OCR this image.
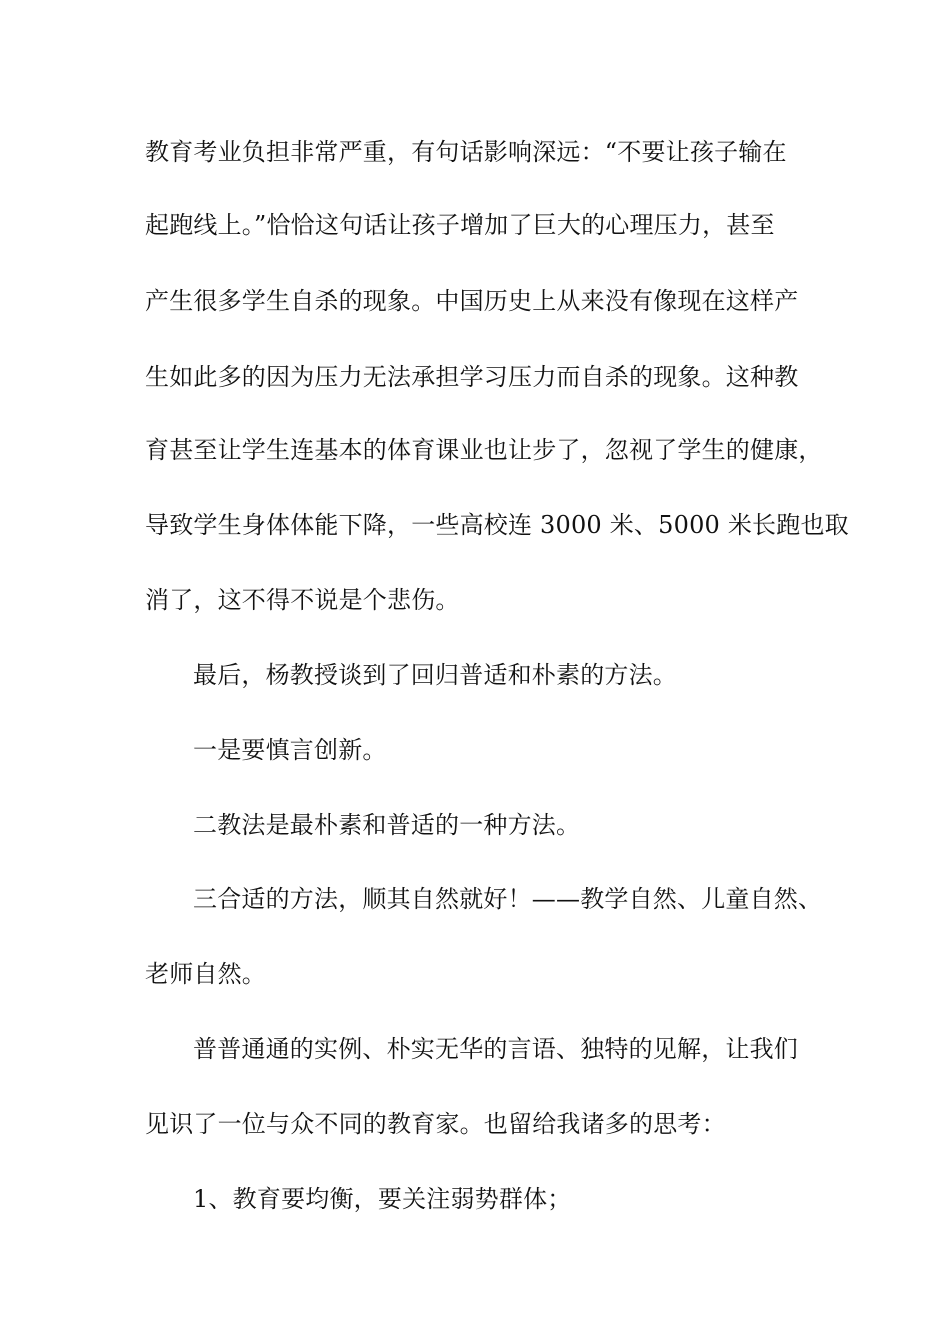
教育考业负担非常严重，有句话影响深远：“不要让孩子输在
起跑线上。”恰恰这句话让孩子增加了巨大的心理压力，甚至
产生很多学生自杀的现象。中国历史上从来没有像现在这样产
生如此多的因为压力无法承担学习压力而自杀的现象。这种教
育甚至让学生连基本的体育课业也让步了，忽视了学生的健康，
导致学生身体体能下降，一些高校连 3000 米、5000 米长跑也取
消了，这不得不说是个悲伤。
最后，杨教授谈到了回归普适和朴素的方法。
一是要慎言创新。
二教法是最朴素和普适的一种方法。
三合适的方法，顺其自然就好！——教学自然、儿童自然、
老师自然。
普普通通的实例、朴实无华的言语、独特的见解，让我们
见识了一位与众不同的教育家。也留给我诸多的思考：
1、教育要均衡，要关注弱势群体；
